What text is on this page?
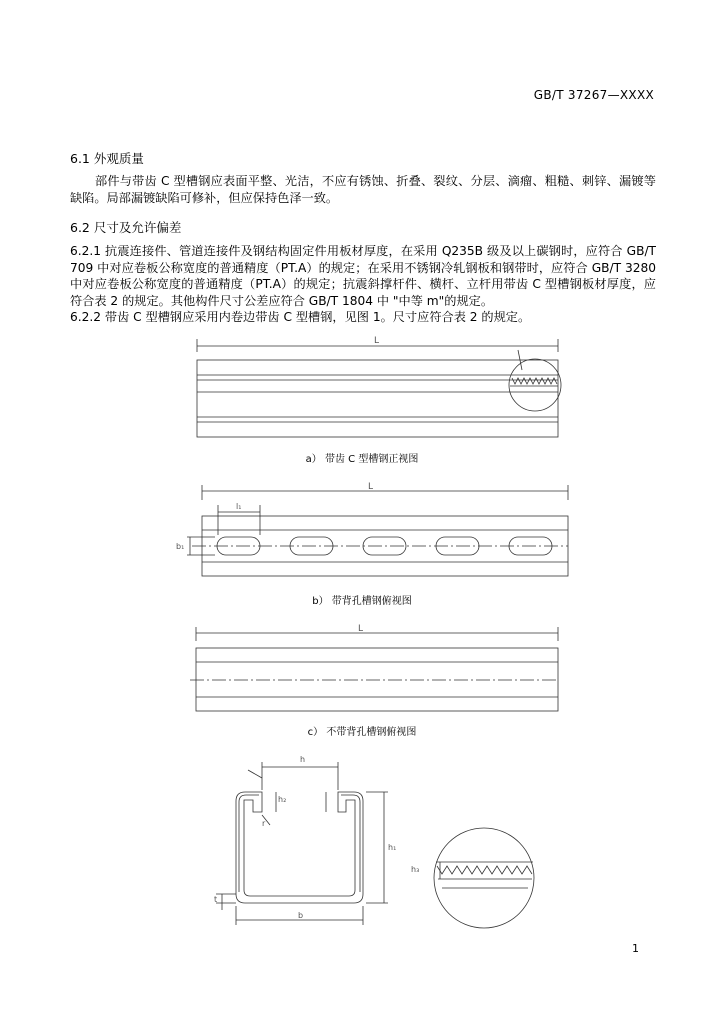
GB/T 37267—XXXX
6.1 外观质量
部件与带齿 C 型槽钢应表面平整、光洁，不应有锈蚀、折叠、裂纹、分层、滴瘤、粗糙、刺锌、漏镀等缺陷。局部漏镀缺陷可修补，但应保持色泽一致。
6.2 尺寸及允许偏差
6.2.1 抗震连接件、管道连接件及钢结构固定件用板材厚度，在采用 Q235B 级及以上碳钢时，应符合 GB/T 709 中对应卷板公称宽度的普通精度（PT.A）的规定；在采用不锈钢冷轧钢板和钢带时，应符合 GB/T 3280 中对应卷板公称宽度的普通精度（PT.A）的规定；抗震斜撑杆件、横杆、立杆用带齿 C 型槽钢板材厚度，应符合表 2 的规定。其他构件尺寸公差应符合 GB/T 1804 中 "中等 m"的规定。
6.2.2 带齿 C 型槽钢应采用内卷边带齿 C 型槽钢，见图 1。尺寸应符合表 2 的规定。
L
a） 带齿 C 型槽钢正视图
L
l₁
b₁
b） 带背孔槽钢俯视图
L
c） 不带背孔槽钢俯视图
h
b
h₁
h₂
t
r
h₃
1
